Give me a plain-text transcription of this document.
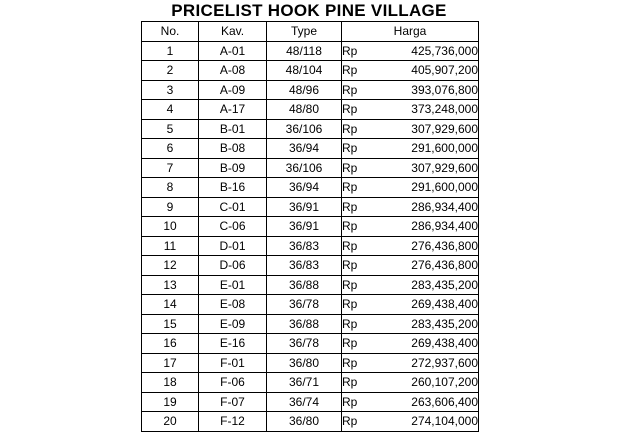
PRICELIST HOOK PINE VILLAGE
No.	Kav.	Type	Harga
1	A-01	48/118	Rp 425,736,000

2	A-08	48/104	Rp 405,907,200

3	A-09	48/96	Rp 393,076,800

4	A-17	48/80	Rp 373,248,000

5	B-01	36/106	Rp 307,929,600

6	B-08	36/94	Rp 291,600,000

7	B-09	36/106	Rp 307,929,600

8	B-16	36/94	Rp 291,600,000

9	C-01	36/91	Rp 286,934,400

10	C-06	36/91	Rp 286,934,400

11	D-01	36/83	Rp 276,436,800

12	D-06	36/83	Rp 276,436,800

13	E-01	36/88	Rp 283,435,200

14	E-08	36/78	Rp 269,438,400

15	E-09	36/88	Rp 283,435,200

16	E-16	36/78	Rp 269,438,400

17	F-01	36/80	Rp 272,937,600

18	F-06	36/71	Rp 260,107,200

19	F-07	36/74	Rp 263,606,400

20	F-12	36/80	Rp 274,104,000
